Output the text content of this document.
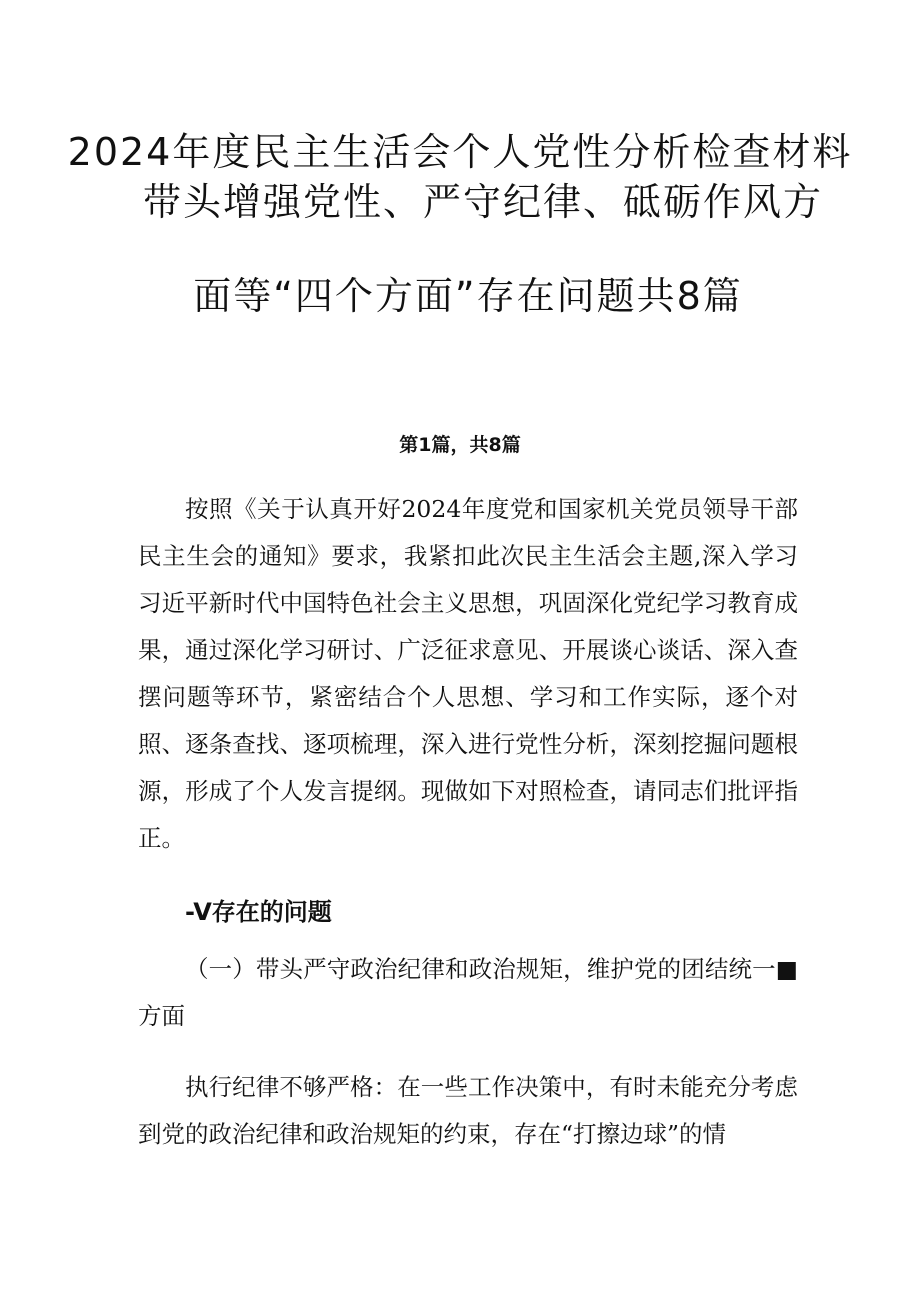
2024年度民主生活会个人党性分析检查材料
带头增强党性、严守纪律、砥砺作风方
面等“四个方面”存在问题共8篇
第1篇，共8篇

按照《关于认真开好2024年度党和国家机关党员领导干部民主生会的通知》要求，我紧扣此次民主生活会主题,深入学习习近平新时代中国特色社会主义思想，巩固深化党纪学习教育成果，通过深化学习研讨、广泛征求意见、开展谈心谈话、深入查摆问题等环节，紧密结合个人思想、学习和工作实际，逐个对照、逐条查找、逐项梳理，深入进行党性分析，深刻挖掘问题根源，形成了个人发言提纲。现做如下对照检查，请同志们批评指正。

-V存在的问题

（一）带头严守政治纪律和政治规矩，维护党的团结统一■方面

执行纪律不够严格：在一些工作决策中，有时未能充分考虑到党的政治纪律和政治规矩的约束，存在“打擦边球”的情
